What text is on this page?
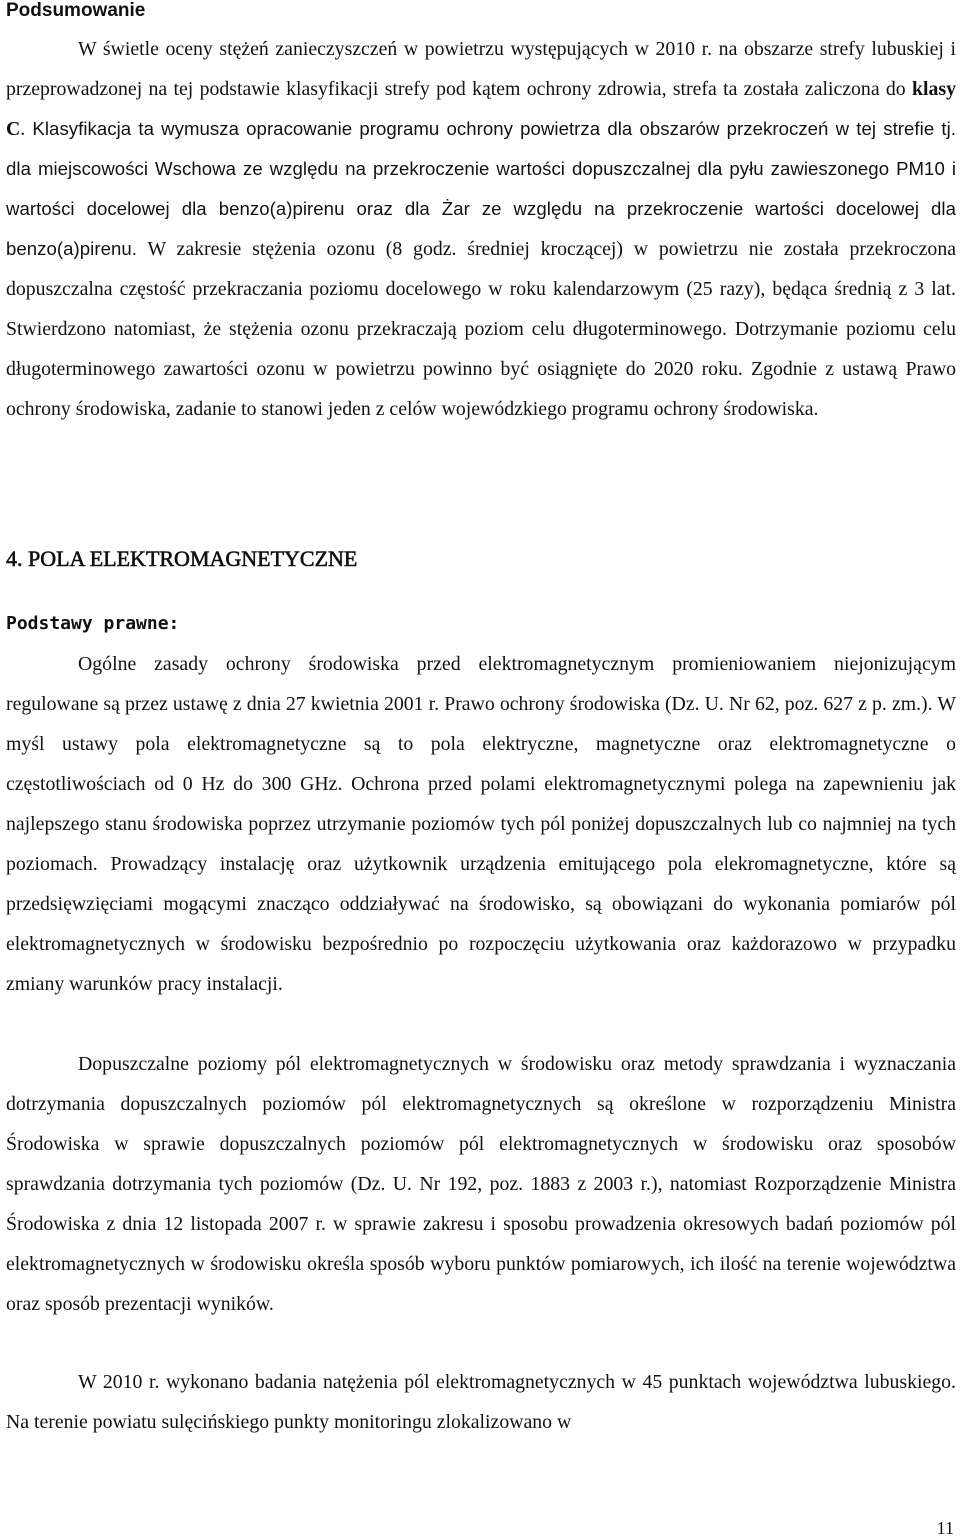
Podsumowanie

W świetle oceny stężeń zanieczyszczeń w powietrzu występujących w 2010 r. na obszarze strefy lubuskiej i przeprowadzonej na tej podstawie klasyfikacji strefy pod kątem ochrony zdrowia, strefa ta została zaliczona do klasy C. Klasyfikacja ta wymusza opracowanie programu ochrony powietrza dla obszarów przekroczeń w tej strefie tj. dla miejscowości Wschowa ze względu na przekroczenie wartości dopuszczalnej dla pyłu zawieszonego PM10 i wartości docelowej dla benzo(a)pirenu oraz dla Żar ze względu na przekroczenie wartości docelowej dla benzo(a)pirenu. W zakresie stężenia ozonu (8 godz. średniej kroczącej) w powietrzu nie została przekroczona dopuszczalna częstość przekraczania poziomu docelowego w roku kalendarzowym (25 razy), będąca średnią z 3 lat. Stwierdzono natomiast, że stężenia ozonu przekraczają poziom celu długoterminowego. Dotrzymanie poziomu celu długoterminowego zawartości ozonu w powietrzu powinno być osiągnięte do 2020 roku. Zgodnie z ustawą Prawo ochrony środowiska, zadanie to stanowi jeden z celów wojewódzkiego programu ochrony środowiska.

4. POLA ELEKTROMAGNETYCZNE
Podstawy prawne:

Ogólne zasady ochrony środowiska przed elektromagnetycznym promieniowaniem niejonizującym regulowane są przez ustawę z dnia 27 kwietnia 2001 r. Prawo ochrony środowiska (Dz. U. Nr 62, poz. 627 z p. zm.). W myśl ustawy pola elektromagnetyczne są to pola elektryczne, magnetyczne oraz elektromagnetyczne o częstotliwościach od 0 Hz do 300 GHz. Ochrona przed polami elektromagnetycznymi polega na zapewnieniu jak najlepszego stanu środowiska poprzez utrzymanie poziomów tych pól poniżej dopuszczalnych lub co najmniej na tych poziomach. Prowadzący instalację oraz użytkownik urządzenia emitującego pola elekromagnetyczne, które są przedsięwzięciami mogącymi znacząco oddziaływać na środowisko, są obowiązani do wykonania pomiarów pól elektromagnetycznych w środowisku bezpośrednio po rozpoczęciu użytkowania oraz każdorazowo w przypadku zmiany warunków pracy instalacji.

Dopuszczalne poziomy pól elektromagnetycznych w środowisku oraz metody sprawdzania i wyznaczania dotrzymania dopuszczalnych poziomów pól elektromagnetycznych są określone w rozporządzeniu Ministra Środowiska w sprawie dopuszczalnych poziomów pól elektromagnetycznych w środowisku oraz sposobów sprawdzania dotrzymania tych poziomów (Dz. U. Nr 192, poz. 1883 z 2003 r.), natomiast Rozporządzenie Ministra Środowiska z dnia 12 listopada 2007 r. w sprawie zakresu i sposobu prowadzenia okresowych badań poziomów pól elektromagnetycznych w środowisku określa sposób wyboru punktów pomiarowych, ich ilość na terenie województwa oraz sposób prezentacji wyników.

W 2010 r. wykonano badania natężenia pól elektromagnetycznych w 45 punktach województwa lubuskiego. Na terenie powiatu sulęcińskiego punkty monitoringu zlokalizowano w

11
